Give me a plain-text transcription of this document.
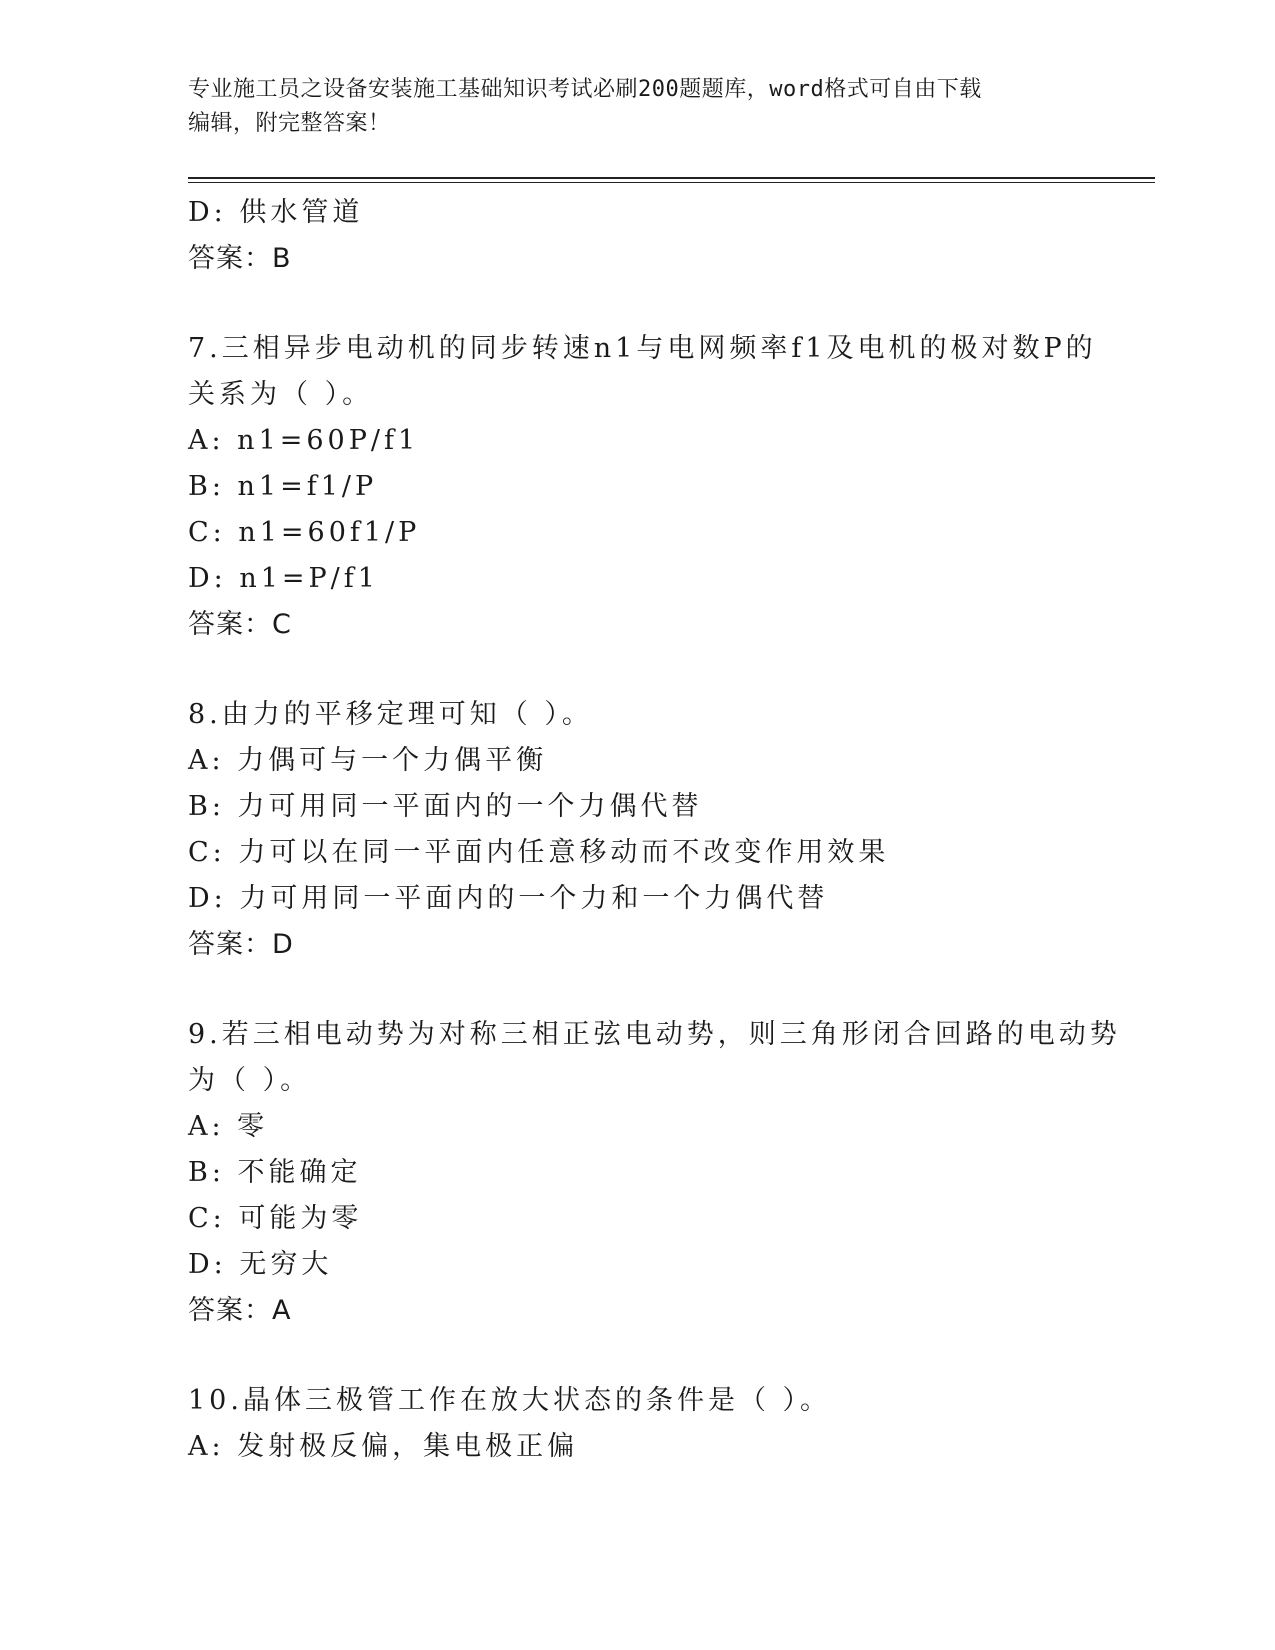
专业施工员之设备安装施工基础知识考试必刷200题题库，word格式可自由下载
编辑，附完整答案！
D: 供水管道
答案：B
7.三相异步电动机的同步转速n1与电网频率f1及电机的极对数P的
关系为（ ）。
A: n1=60P/f1
B: n1=f1/P
C: n1=60f1/P
D: n1=P/f1
答案：C
8.由力的平移定理可知（ ）。
A: 力偶可与一个力偶平衡
B: 力可用同一平面内的一个力偶代替
C: 力可以在同一平面内任意移动而不改变作用效果
D: 力可用同一平面内的一个力和一个力偶代替
答案：D
9.若三相电动势为对称三相正弦电动势，则三角形闭合回路的电动势
为（ ）。
A: 零
B: 不能确定
C: 可能为零
D: 无穷大
答案：A
10.晶体三极管工作在放大状态的条件是（ ）。
A: 发射极反偏，集电极正偏
